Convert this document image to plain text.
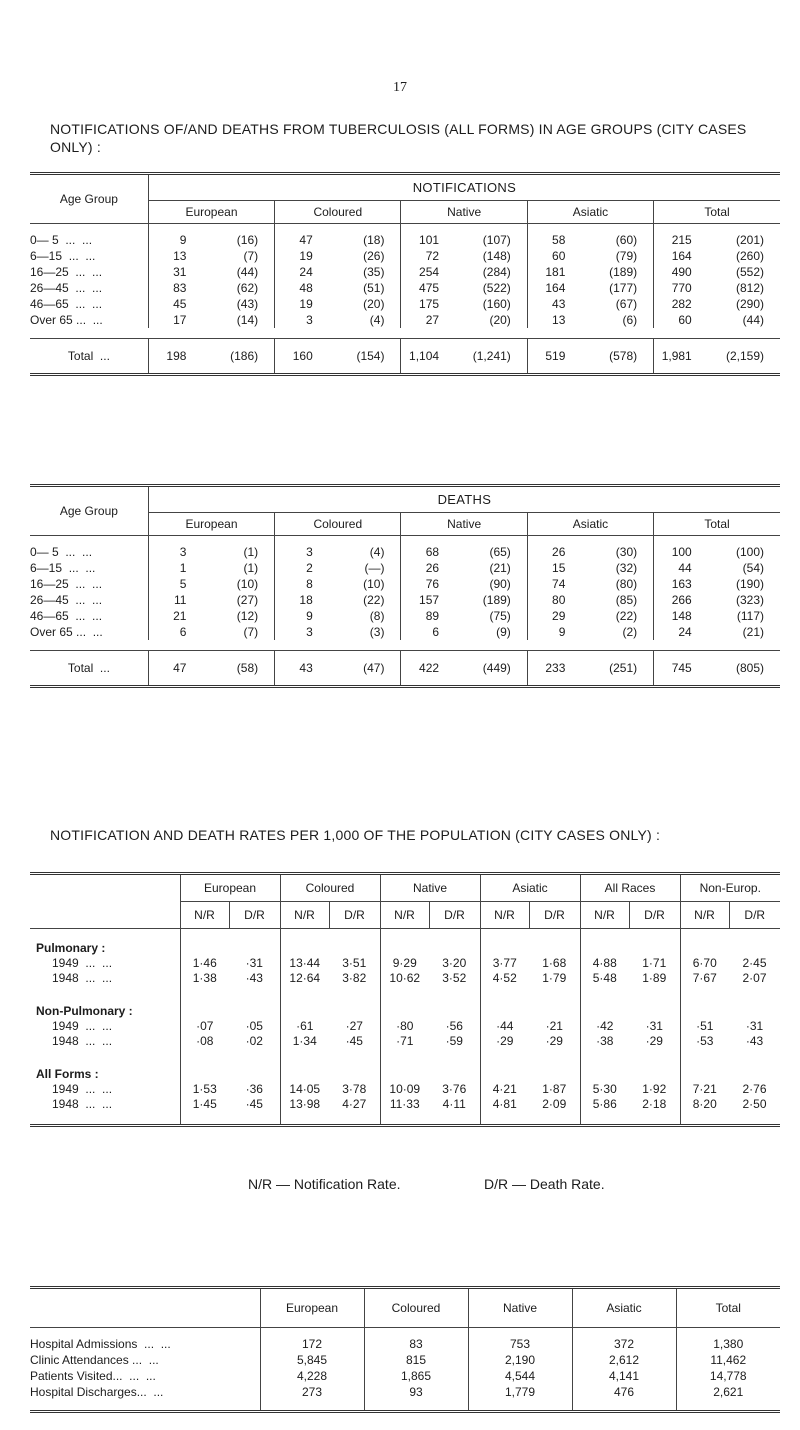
17
NOTIFICATIONS OF/AND DEATHS FROM TUBERCULOSIS (ALL FORMS) IN AGE GROUPS (CITY CASES ONLY) :
Age Group	NOTIFICATIONS									
	European		Coloured		Native		Asiatic		Total	
0— 5  ...  ...	9	(16)	47	(18)	101	(107)	58	(60)	215	(201)
6—15  ...  ...	13	(7)	19	(26)	72	(148)	60	(79)	164	(260)
16—25  ...  ...	31	(44)	24	(35)	254	(284)	181	(189)	490	(552)
26—45  ...  ...	83	(62)	48	(51)	475	(522)	164	(177)	770	(812)
46—65  ...  ...	45	(43)	19	(20)	175	(160)	43	(67)	282	(290)
Over 65 ...  ...	17	(14)	3	(4)	27	(20)	13	(6)	60	(44)

Total  ...	198	(186)	160	(154)	1,104	(1,241)	519	(578)	1,981	(2,159)
Age Group	DEATHS									
	European		Coloured		Native		Asiatic		Total	
0— 5  ...  ...	3	(1)	3	(4)	68	(65)	26	(30)	100	(100)
6—15  ...  ...	1	(1)	2	(—)	26	(21)	15	(32)	44	(54)
16—25  ...  ...	5	(10)	8	(10)	76	(90)	74	(80)	163	(190)
26—45  ...  ...	11	(27)	18	(22)	157	(189)	80	(85)	266	(323)
46—65  ...  ...	21	(12)	9	(8)	89	(75)	29	(22)	148	(117)
Over 65 ...  ...	6	(7)	3	(3)	6	(9)	9	(2)	24	(21)

Total  ...	47	(58)	43	(47)	422	(449)	233	(251)	745	(805)
NOTIFICATION AND DEATH RATES PER 1,000 OF THE POPULATION (CITY CASES ONLY) :
	European		Coloured		Native		Asiatic		All Races		Non-Europ.	
	N/R	D/R	N/R	D/R	N/R	D/R	N/R	D/R	N/R	D/R	N/R	D/R
Pulmonary :												
1949  ...  ...	1·46	·31	13·44	3·51	9·29	3·20	3·77	1·68	4·88	1·71	6·70	2·45
1948  ...  ...	1·38	·43	12·64	3·82	10·62	3·52	4·52	1·79	5·48	1·89	7·67	2·07
Non-Pulmonary :												
1949  ...  ...	·07	·05	·61	·27	·80	·56	·44	·21	·42	·31	·51	·31
1948  ...  ...	·08	·02	1·34	·45	·71	·59	·29	·29	·38	·29	·53	·43
All Forms :												
1949  ...  ...	1·53	·36	14·05	3·78	10·09	3·76	4·21	1·87	5·30	1·92	7·21	2·76
1948  ...  ...	1·45	·45	13·98	4·27	11·33	4·11	4·81	2·09	5·86	2·18	8·20	2·50

N/R — Notification Rate.	D/R — Death Rate.
	European	Coloured	Native	Asiatic	Total
Hospital Admissions  ...  ...	172	83	753	372	1,380
Clinic Attendances ...  ...	5,845	815	2,190	2,612	11,462
Patients Visited...  ...  ...	4,228	1,865	4,544	4,141	14,778
Hospital Discharges...  ...	273	93	1,779	476	2,621
